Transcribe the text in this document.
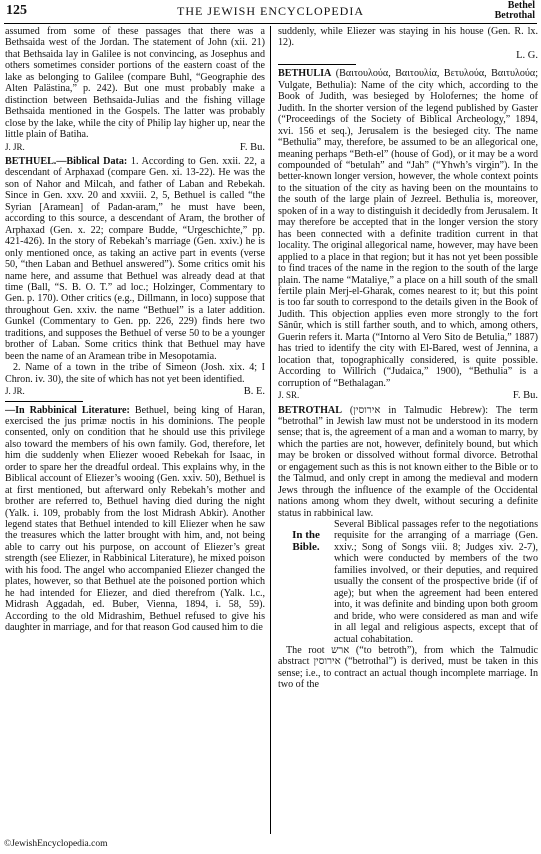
125	THE JEWISH ENCYCLOPEDIA	Bethel
Betrothal

assumed from some of these passages that there was a Bethsaida west of the Jordan. The statement of John (xii. 21) that Bethsaida lay in Galilee is not convincing, as Josephus and others sometimes consider portions of the eastern coast of the lake as belonging to Galilee (compare Buhl, “Geographie des Alten Palästina,” p. 242). But one must probably make a distinction between Bethsaida-Julias and the fishing village Bethsaida mentioned in the Gospels. The latter was probably close by the lake, while the city of Philip lay higher up, near the little plain of Batiha.

J. JR.	F. Bu.

BETHUEL.—Biblical Data: 1. According to Gen. xxii. 22, a descendant of Arphaxad (compare Gen. xi. 13-22). He was the son of Nahor and Milcah, and father of Laban and Rebekah. Since in Gen. xxv. 20 and xxviii. 2, 5, Bethuel is called “the Syrian [Aramean] of Padan-aram,” he must have been, according to this source, a descendant of Aram, the brother of Arphaxad (Gen. x. 22; compare Budde, “Urgeschichte,” pp. 421-426). In the story of Rebekah’s marriage (Gen. xxiv.) he is only mentioned once, as taking an active part in events (verse 50, “then Laban and Bethuel answered”). Some critics omit his name here, and assume that Bethuel was already dead at that time (Ball, “S. B. O. T.” ad loc.; Holzinger, Commentary to Gen. p. 170). Other critics (e.g., Dillmann, in loco) suppose that throughout Gen. xxiv. the name “Bethuel” is a later addition. Gunkel (Commentary to Gen. pp. 226, 229) finds here two traditions, and supposes the Bethuel of verse 50 to be a younger brother of Laban. Some critics think that Bethuel may have been the name of an Aramean tribe in Mesopotamia.

2. Name of a town in the tribe of Simeon (Josh. xix. 4; I Chron. iv. 30), the site of which has not yet been identified.

J. JR.	B. E.

—In Rabbinical Literature: Bethuel, being king of Haran, exercised the jus primæ noctis in his dominions. The people consented, only on condition that he should use this privilege also toward the members of his own family. God, therefore, let him die suddenly when Eliezer wooed Rebekah for Isaac, in order to spare her the dreadful ordeal. This explains why, in the Biblical account of Eliezer’s wooing (Gen. xxiv. 50), Bethuel is at first mentioned, but afterward only Rebekah’s mother and brother are referred to, Bethuel having died during the night (Yalk. i. 109, probably from the lost Midrash Abkir). Another legend states that Bethuel intended to kill Eliezer when he saw the treasures which the latter brought with him, and, not being able to carry out his purpose, on account of Eliezer’s great strength (see Eliezer, in Rabbinical Literature), he mixed poison with his food. The angel who accompanied Eliezer changed the plates, however, so that Bethuel ate the poisoned portion which he had intended for Eliezer, and died therefrom (Yalk. l.c., Midrash Aggadah, ed. Buber, Vienna, 1894, i. 58, 59). According to the old Midrashim, Bethuel refused to give his daughter in marriage, and for that reason God caused him to die

suddenly, while Eliezer was staying in his house (Gen. R. lx. 12).

L. G.

BETHULIA (Βαιτουλούα, Βαιτουλία, Βετυλούα, Βαιτυλούα; Vulgate, Bethulia): Name of the city which, according to the Book of Judith, was besieged by Holofernes; the home of Judith. In the shorter version of the legend published by Gaster (“Proceedings of the Society of Biblical Archeology,” 1894, xvi. 156 et seq.), Jerusalem is the besieged city. The name “Bethulia” may, therefore, be assumed to be an allegorical one, meaning perhaps “Beth-el” (house of God), or it may be a word compounded of “betulah” and “Jah” (“Yhwh’s virgin”). In the better-known longer version, however, the whole context points to the situation of the city as having been on the mountains to the south of the large plain of Jezreel. Bethulia is, moreover, spoken of in a way to distinguish it decidedly from Jerusalem. It may therefore be accepted that in the longer version the story has been connected with a definite tradition current in that locality. The original allegorical name, however, may have been applied to a place in that region; but it has not yet been possible to find traces of the name in the region to the south of the large plain. The name “Mataliye,” a place on a hill south of the small fertile plain Merj-el-Gharak, comes nearest to it; but this point is too far south to correspond to the details given in the Book of Judith. This objection applies even more strongly to the fort Sânûr, which is still farther south, and to which, among others, Guerin refers it. Marta (“Intorno al Vero Sito de Betulia,” 1887) has tried to identify the city with El-Bared, west of Jennina, a location that, topographically considered, is quite possible. According to Willrich (“Judaica,” 1900), “Bethulia” is a corruption of “Bethalagan.”

J. SR.	F. Bu.

BETROTHAL (אירוסין in Talmudic Hebrew): The term “betrothal” in Jewish law must not be understood in its modern sense; that is, the agreement of a man and a woman to marry, by which the parties are not, however, definitely bound, but which may be broken or dissolved without formal divorce. Betrothal or engagement such as this is not known either to the Bible or to the Talmud, and only crept in among the medieval and modern Jews through the influence of the example of the Occidental nations among whom they dwelt, without securing a definite status in rabbinical law.

In the Bible.

Several Biblical passages refer to the negotiations requisite for the arranging of a marriage (Gen. xxiv.; Song of Songs viii. 8; Judges xiv. 2-7), which were conducted by members of the two families involved, or their deputies, and required usually the consent of the prospective bride (if of age); but when the agreement had been entered into, it was definite and binding upon both groom and bride, who were considered as man and wife in all legal and religious aspects, except that of actual cohabitation.

The root ארש (“to betroth”), from which the Talmudic abstract אירוסין (“betrothal”) is derived, must be taken in this sense; i.e., to contract an actual though incomplete marriage. In two of the

©JewishEncyclopedia.com
